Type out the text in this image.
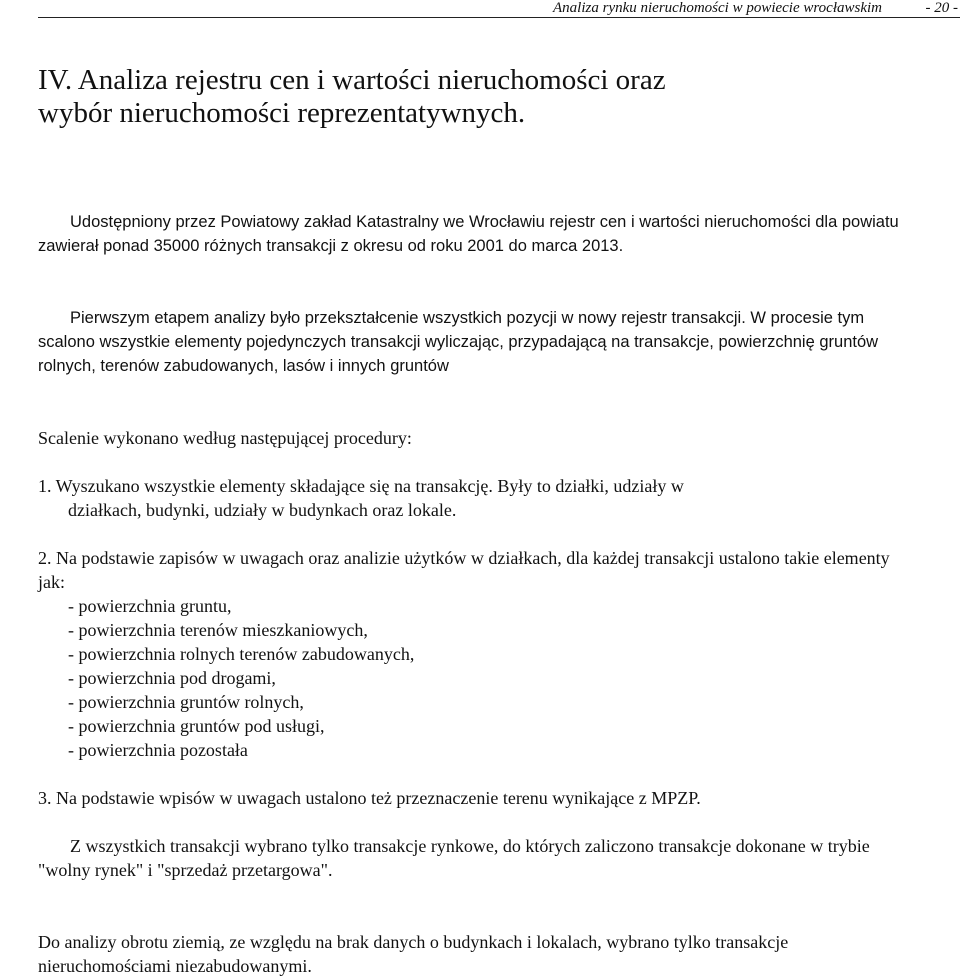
Analiza rynku nieruchomości w powiecie wrocławskim	- 20 -
IV. Analiza rejestru cen i wartości nieruchomości oraz
wybór nieruchomości reprezentatywnych.

Udostępniony przez Powiatowy zakład Katastralny we Wrocławiu rejestr cen i wartości nieruchomości dla powiatu zawierał ponad 35000 różnych transakcji z okresu od roku 2001 do marca 2013.

Pierwszym etapem analizy było przekształcenie wszystkich pozycji w nowy rejestr transakcji. W procesie tym scalono wszystkie elementy pojedynczych transakcji wyliczając, przypadającą na transakcje, powierzchnię gruntów rolnych, terenów zabudowanych, lasów i innych gruntów

Scalenie wykonano według następującej procedury:

1. Wyszukano wszystkie elementy składające się na transakcję. Były to działki, udziały w
działkach, budynki, udziały w budynkach oraz lokale.
2. Na podstawie zapisów w uwagach oraz analizie użytków w działkach, dla każdej transakcji ustalono takie elementy jak:
- powierzchnia gruntu,
- powierzchnia terenów mieszkaniowych,
- powierzchnia rolnych terenów zabudowanych,
- powierzchnia pod drogami,
- powierzchnia gruntów rolnych,
- powierzchnia gruntów pod usługi,
- powierzchnia pozostała

3. Na podstawie wpisów w uwagach ustalono też przeznaczenie terenu wynikające z MPZP.

Z wszystkich transakcji wybrano tylko transakcje rynkowe, do których zaliczono transakcje dokonane w trybie "wolny rynek" i "sprzedaż przetargowa".

Do analizy obrotu ziemią, ze względu na brak danych o budynkach i lokalach, wybrano tylko transakcje nieruchomościami niezabudowanymi.
